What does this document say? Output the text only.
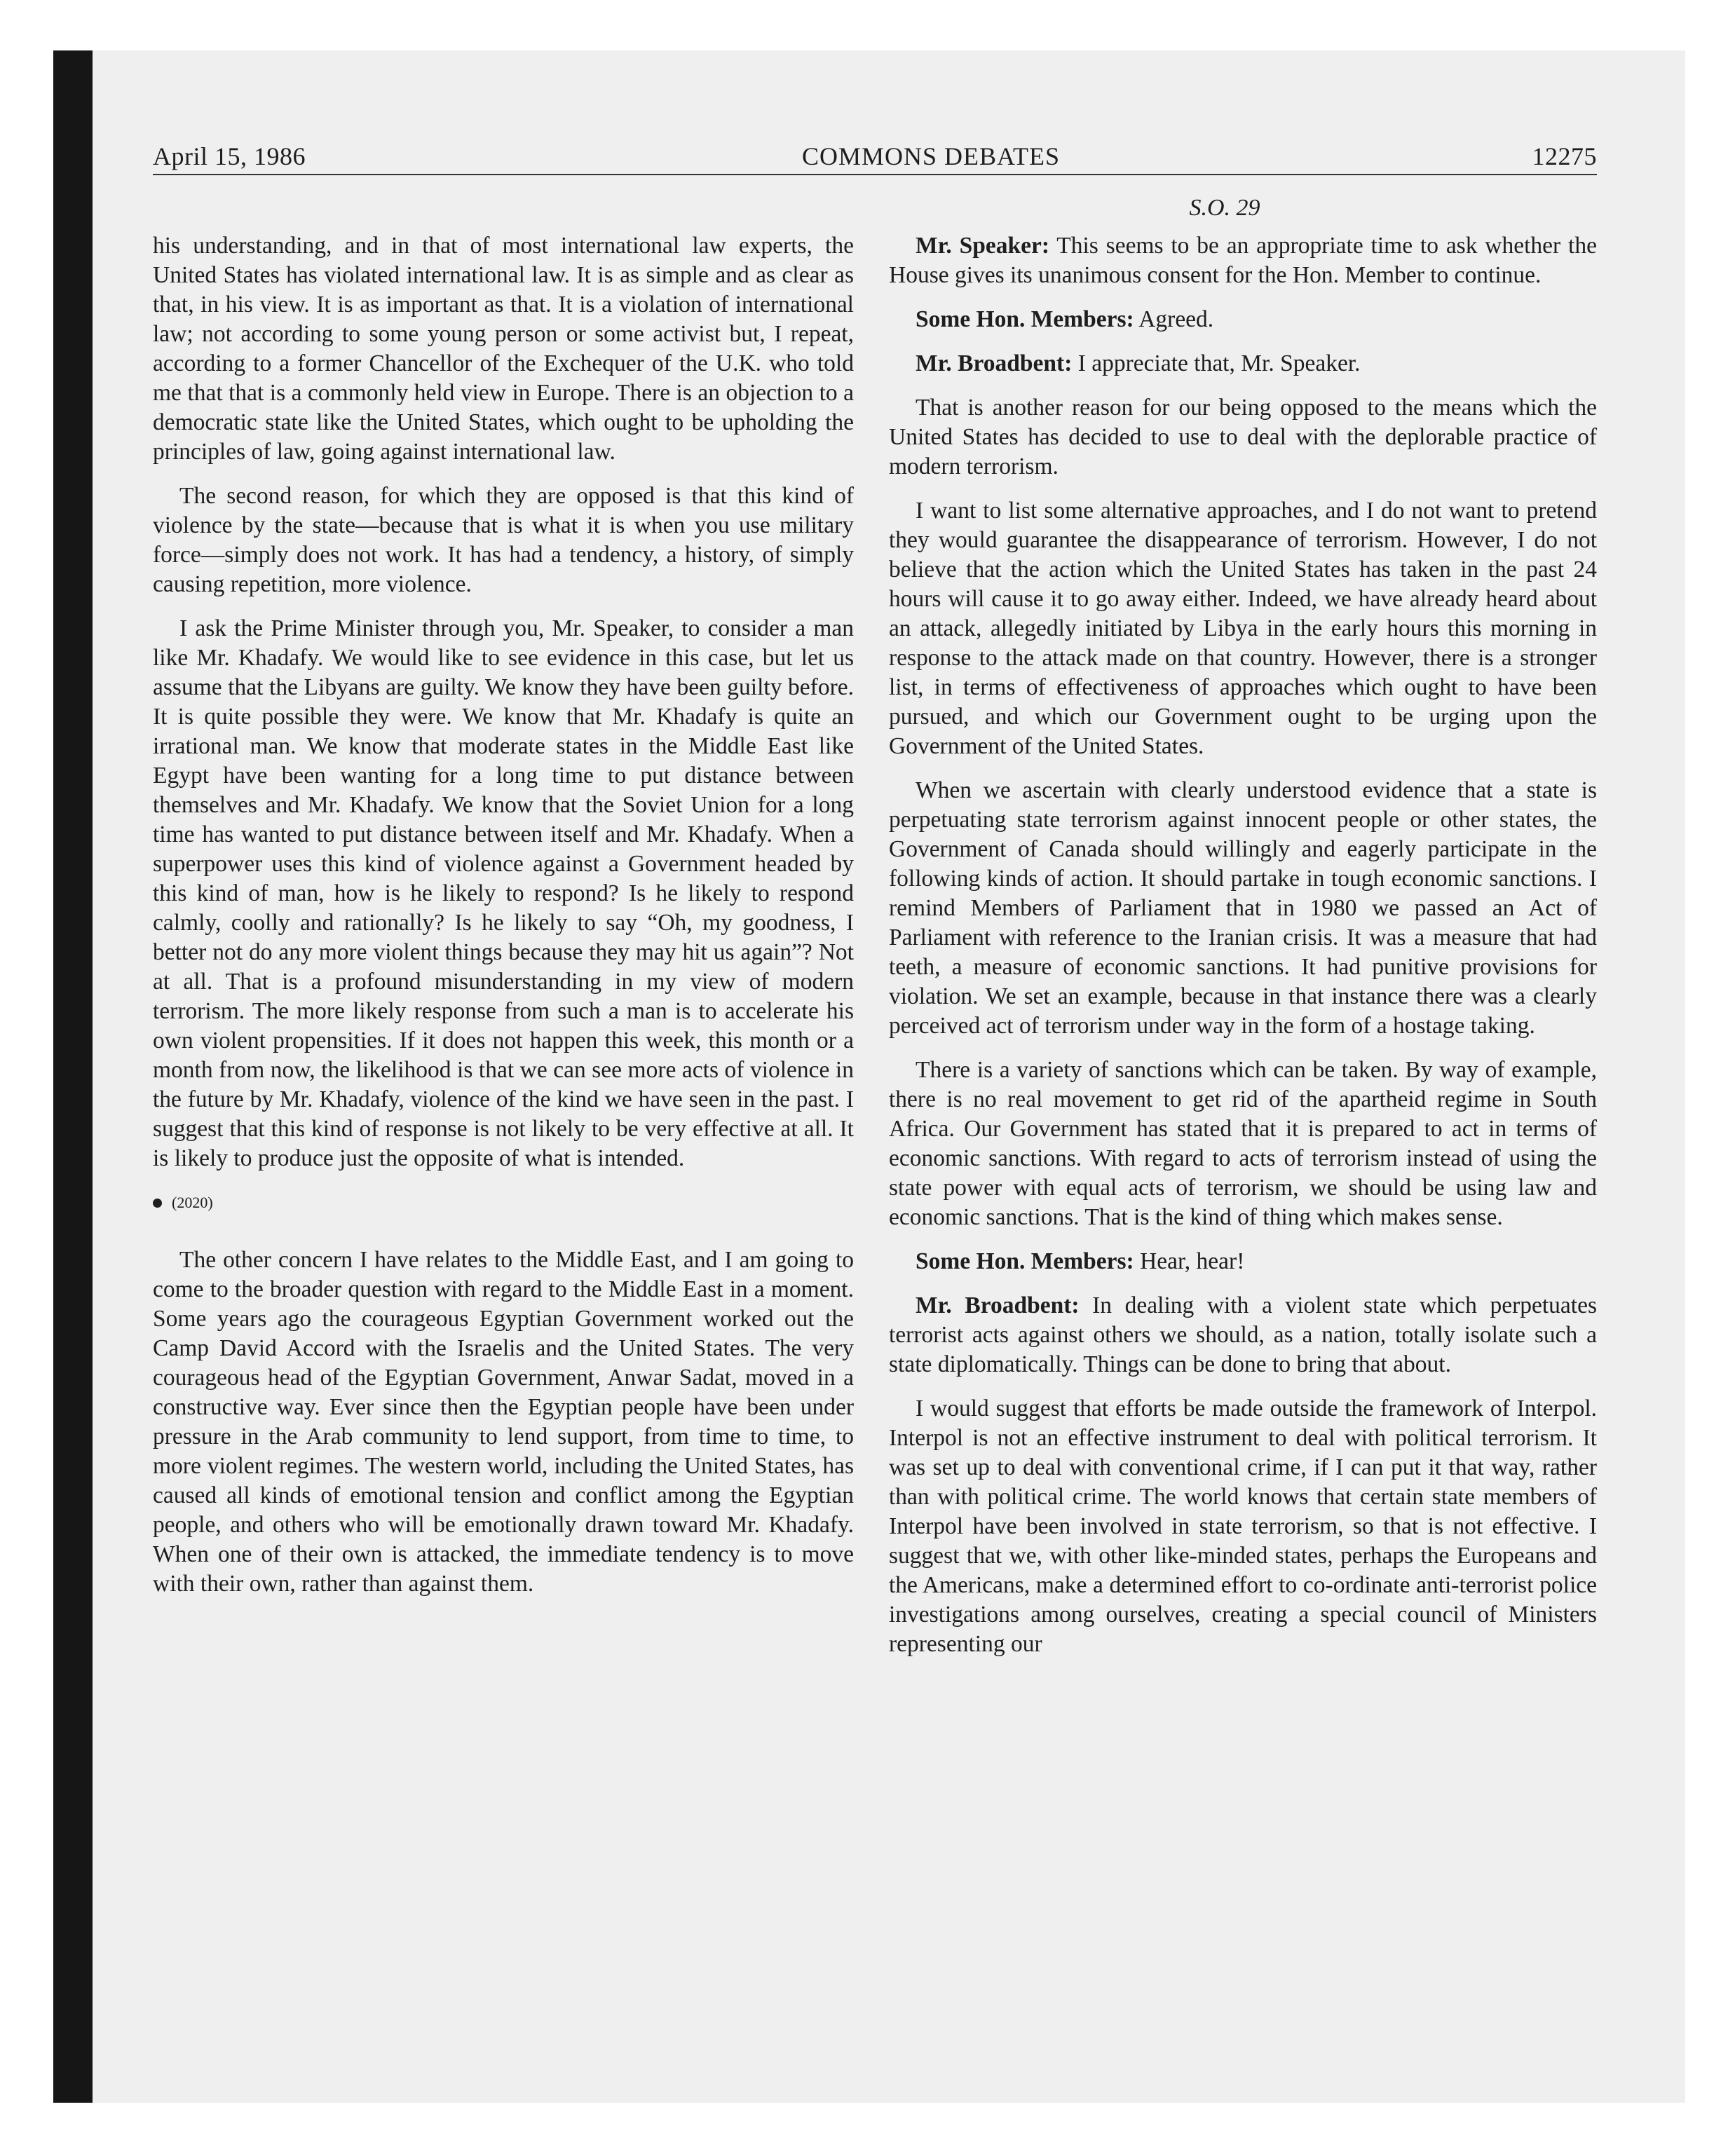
April 15, 1986	COMMONS DEBATES	12275
S.O. 29

his understanding, and in that of most international law experts, the United States has violated international law. It is as simple and as clear as that, in his view. It is as important as that. It is a violation of international law; not according to some young person or some activist but, I repeat, according to a former Chancellor of the Exchequer of the U.K. who told me that that is a commonly held view in Europe. There is an objection to a democratic state like the United States, which ought to be upholding the principles of law, going against international law.

The second reason, for which they are opposed is that this kind of violence by the state—because that is what it is when you use military force—simply does not work. It has had a tendency, a history, of simply causing repetition, more violence.

I ask the Prime Minister through you, Mr. Speaker, to consider a man like Mr. Khadafy. We would like to see evidence in this case, but let us assume that the Libyans are guilty. We know they have been guilty before. It is quite possible they were. We know that Mr. Khadafy is quite an irrational man. We know that moderate states in the Middle East like Egypt have been wanting for a long time to put distance between themselves and Mr. Khadafy. We know that the Soviet Union for a long time has wanted to put distance between itself and Mr. Khadafy. When a superpower uses this kind of violence against a Government headed by this kind of man, how is he likely to respond? Is he likely to respond calmly, coolly and rationally? Is he likely to say “Oh, my goodness, I better not do any more violent things because they may hit us again”? Not at all. That is a profound misunderstanding in my view of modern terrorism. The more likely response from such a man is to accelerate his own violent propensities. If it does not happen this week, this month or a month from now, the likelihood is that we can see more acts of violence in the future by Mr. Khadafy, violence of the kind we have seen in the past. I suggest that this kind of response is not likely to be very effective at all. It is likely to produce just the opposite of what is intended.

(2020)

The other concern I have relates to the Middle East, and I am going to come to the broader question with regard to the Middle East in a moment. Some years ago the courageous Egyptian Government worked out the Camp David Accord with the Israelis and the United States. The very courageous head of the Egyptian Government, Anwar Sadat, moved in a constructive way. Ever since then the Egyptian people have been under pressure in the Arab community to lend support, from time to time, to more violent regimes. The western world, including the United States, has caused all kinds of emotional tension and conflict among the Egyptian people, and others who will be emotionally drawn toward Mr. Khadafy. When one of their own is attacked, the immediate tendency is to move with their own, rather than against them.

Mr. Speaker: This seems to be an appropriate time to ask whether the House gives its unanimous consent for the Hon. Member to continue.

Some Hon. Members: Agreed.

Mr. Broadbent: I appreciate that, Mr. Speaker.

That is another reason for our being opposed to the means which the United States has decided to use to deal with the deplorable practice of modern terrorism.

I want to list some alternative approaches, and I do not want to pretend they would guarantee the disappearance of terrorism. However, I do not believe that the action which the United States has taken in the past 24 hours will cause it to go away either. Indeed, we have already heard about an attack, allegedly initiated by Libya in the early hours this morning in response to the attack made on that country. However, there is a stronger list, in terms of effectiveness of approaches which ought to have been pursued, and which our Government ought to be urging upon the Government of the United States.

When we ascertain with clearly understood evidence that a state is perpetuating state terrorism against innocent people or other states, the Government of Canada should willingly and eagerly participate in the following kinds of action. It should partake in tough economic sanctions. I remind Members of Parliament that in 1980 we passed an Act of Parliament with reference to the Iranian crisis. It was a measure that had teeth, a measure of economic sanctions. It had punitive provisions for violation. We set an example, because in that instance there was a clearly perceived act of terrorism under way in the form of a hostage taking.

There is a variety of sanctions which can be taken. By way of example, there is no real movement to get rid of the apartheid regime in South Africa. Our Government has stated that it is prepared to act in terms of economic sanctions. With regard to acts of terrorism instead of using the state power with equal acts of terrorism, we should be using law and economic sanctions. That is the kind of thing which makes sense.

Some Hon. Members: Hear, hear!

Mr. Broadbent: In dealing with a violent state which perpetuates terrorist acts against others we should, as a nation, totally isolate such a state diplomatically. Things can be done to bring that about.

I would suggest that efforts be made outside the framework of Interpol. Interpol is not an effective instrument to deal with political terrorism. It was set up to deal with conventional crime, if I can put it that way, rather than with political crime. The world knows that certain state members of Interpol have been involved in state terrorism, so that is not effective. I suggest that we, with other like-minded states, perhaps the Europeans and the Americans, make a determined effort to co-ordinate anti-terrorist police investigations among ourselves, creating a special council of Ministers representing our
